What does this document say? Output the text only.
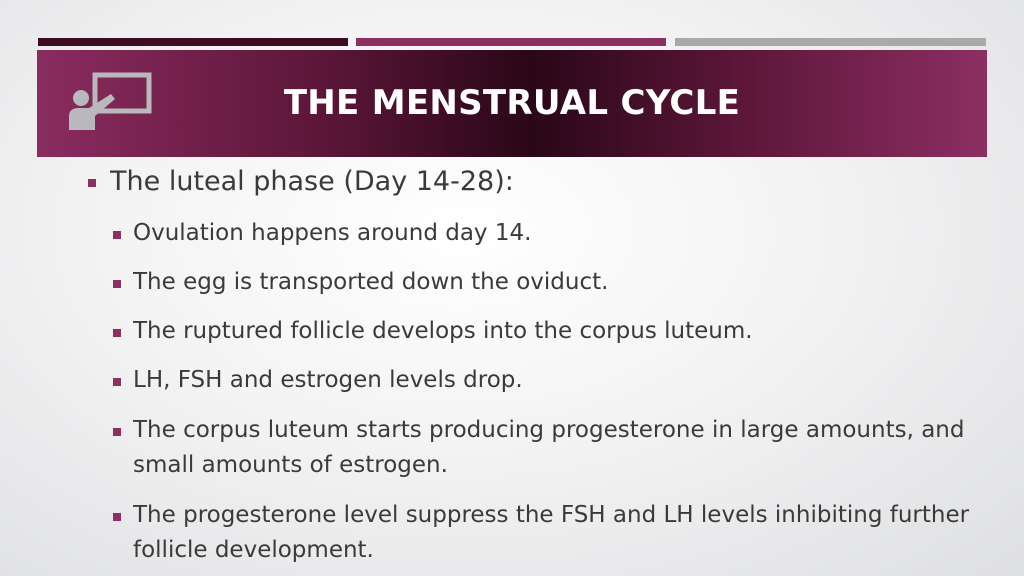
THE MENSTRUAL CYCLE
The luteal phase (Day 14-28):
Ovulation happens around day 14.
The egg is transported down the oviduct.
The ruptured follicle develops into the corpus luteum.
LH, FSH and estrogen levels drop.
The corpus luteum starts producing progesterone in large amounts, and
small amounts of estrogen.
The progesterone level suppress the FSH and LH levels inhibiting further
follicle development.
